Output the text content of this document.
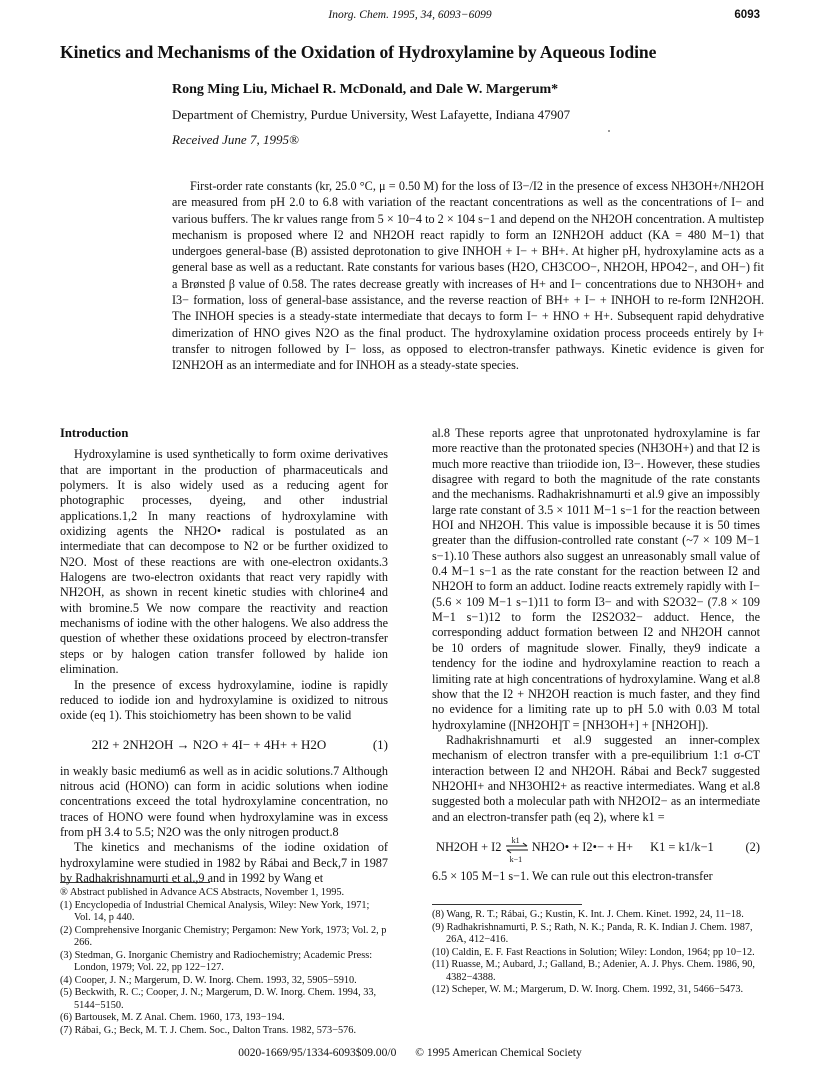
Inorg. Chem. 1995, 34, 6093−6099	6093
Kinetics and Mechanisms of the Oxidation of Hydroxylamine by Aqueous Iodine
Rong Ming Liu, Michael R. McDonald, and Dale W. Margerum*
Department of Chemistry, Purdue University, West Lafayette, Indiana 47907
Received June 7, 1995®
First-order rate constants (kr, 25.0 °C, μ = 0.50 M) for the loss of I3−/I2 in the presence of excess NH3OH+/NH2OH are measured from pH 2.0 to 6.8 with variation of the reactant concentrations as well as the concentrations of I− and various buffers. The kr values range from 5 × 10−4 to 2 × 104 s−1 and depend on the NH2OH concentration. A multistep mechanism is proposed where I2 and NH2OH react rapidly to form an I2NH2OH adduct (KA = 480 M−1) that undergoes general-base (B) assisted deprotonation to give INHOH + I− + BH+. At higher pH, hydroxylamine acts as a general base as well as a reductant. Rate constants for various bases (H2O, CH3COO−, NH2OH, HPO42−, and OH−) fit a Brønsted β value of 0.58. The rates decrease greatly with increases of H+ and I− concentrations due to NH3OH+ and I3− formation, loss of general-base assistance, and the reverse reaction of BH+ + I− + INHOH to re-form I2NH2OH. The INHOH species is a steady-state intermediate that decays to form I− + HNO + H+. Subsequent rapid dehydrative dimerization of HNO gives N2O as the final product. The hydroxylamine oxidation process proceeds entirely by I+ transfer to nitrogen followed by I− loss, as opposed to electron-transfer pathways. Kinetic evidence is given for I2NH2OH as an intermediate and for INHOH as a steady-state species.
Introduction

Hydroxylamine is used synthetically to form oxime derivatives that are important in the production of pharmaceuticals and polymers. It is also widely used as a reducing agent for photographic processes, dyeing, and other industrial applications.1,2 In many reactions of hydroxylamine with oxidizing agents the NH2O• radical is postulated as an intermediate that can decompose to N2 or be further oxidized to N2O. Most of these reactions are with one-electron oxidants.3 Halogens are two-electron oxidants that react very rapidly with NH2OH, as shown in recent kinetic studies with chlorine4 and with bromine.5 We now compare the reactivity and reaction mechanisms of iodine with the other halogens. We also address the question of whether these oxidations proceed by electron-transfer steps or by halogen cation transfer followed by halide ion elimination.

In the presence of excess hydroxylamine, iodine is rapidly reduced to iodide ion and hydroxylamine is oxidized to nitrous oxide (eq 1). This stoichiometry has been shown to be valid

2I2 + 2NH2OH → N2O + 4I− + 4H+ + H2O	(1)

in weakly basic medium6 as well as in acidic solutions.7 Although nitrous acid (HONO) can form in acidic solutions when iodine concentrations exceed the total hydroxylamine concentration, no traces of HONO were found when hydroxylamine was in excess from pH 3.4 to 5.5; N2O was the only nitrogen product.8

The kinetics and mechanisms of the iodine oxidation of hydroxylamine were studied in 1982 by Rábai and Beck,7 in 1987 by Radhakrishnamurti et al.,9 and in 1992 by Wang et

al.8 These reports agree that unprotonated hydroxylamine is far more reactive than the protonated species (NH3OH+) and that I2 is much more reactive than triiodide ion, I3−. However, these studies disagree with regard to both the magnitude of the rate constants and the mechanisms. Radhakrishnamurti et al.9 give an impossibly large rate constant of 3.5 × 1011 M−1 s−1 for the reaction between HOI and NH2OH. This value is impossible because it is 50 times greater than the diffusion-controlled rate constant (~7 × 109 M−1 s−1).10 These authors also suggest an unreasonably small value of 0.4 M−1 s−1 as the rate constant for the reaction between I2 and NH2OH to form an adduct. Iodine reacts extremely rapidly with I− (5.6 × 109 M−1 s−1)11 to form I3− and with S2O32− (7.8 × 109 M−1 s−1)12 to form the I2S2O32− adduct. Hence, the corresponding adduct formation between I2 and NH2OH cannot be 10 orders of magnitude slower. Finally, they9 indicate a tendency for the iodine and hydroxylamine reaction to reach a limiting rate at high concentrations of hydroxylamine. Wang et al.8 show that the I2 + NH2OH reaction is much faster, and they find no evidence for a limiting rate up to pH 5.0 with 0.03 M total hydroxylamine ([NH2OH]T = [NH3OH+] + [NH2OH]).

Radhakrishnamurti et al.9 suggested an inner-complex mechanism of electron transfer with a pre-equilibrium 1:1 σ-CT interaction between I2 and NH2OH. Rábai and Beck7 suggested NH2OHI+ and NH3OHI2+ as reactive intermediates. Wang et al.8 suggested both a molecular path with NH2OI2− as an intermediate and an electron-transfer path (eq 2), where k1 =

NH2OH + I2 k1
k−1
NH2O• + I2•− + H+ K1 = k1/k−1	(2)

6.5 × 105 M−1 s−1. We can rule out this electron-transfer

® Abstract published in Advance ACS Abstracts, November 1, 1995.
(1) Encyclopedia of Industrial Chemical Analysis, Wiley: New York, 1971; Vol. 14, p 440.
(2) Comprehensive Inorganic Chemistry; Pergamon: New York, 1973; Vol. 2, p 266.
(3) Stedman, G. Inorganic Chemistry and Radiochemistry; Academic Press: London, 1979; Vol. 22, pp 122−127.
(4) Cooper, J. N.; Margerum, D. W. Inorg. Chem. 1993, 32, 5905−5910.
(5) Beckwith, R. C.; Cooper, J. N.; Margerum, D. W. Inorg. Chem. 1994, 33, 5144−5150.
(6) Bartousek, M. Z Anal. Chem. 1960, 173, 193−194.
(7) Rábai, G.; Beck, M. T. J. Chem. Soc., Dalton Trans. 1982, 573−576.
(8) Wang, R. T.; Rábai, G.; Kustin, K. Int. J. Chem. Kinet. 1992, 24, 11−18.
(9) Radhakrishnamurti, P. S.; Rath, N. K.; Panda, R. K. Indian J. Chem. 1987, 26A, 412−416.
(10) Caldin, E. F. Fast Reactions in Solution; Wiley: London, 1964; pp 10−12.
(11) Ruasse, M.; Aubard, J.; Galland, B.; Adenier, A. J. Phys. Chem. 1986, 90, 4382−4388.
(12) Scheper, W. M.; Margerum, D. W. Inorg. Chem. 1992, 31, 5466−5473.
0020-1669/95/1334-6093$09.00/0 © 1995 American Chemical Society
